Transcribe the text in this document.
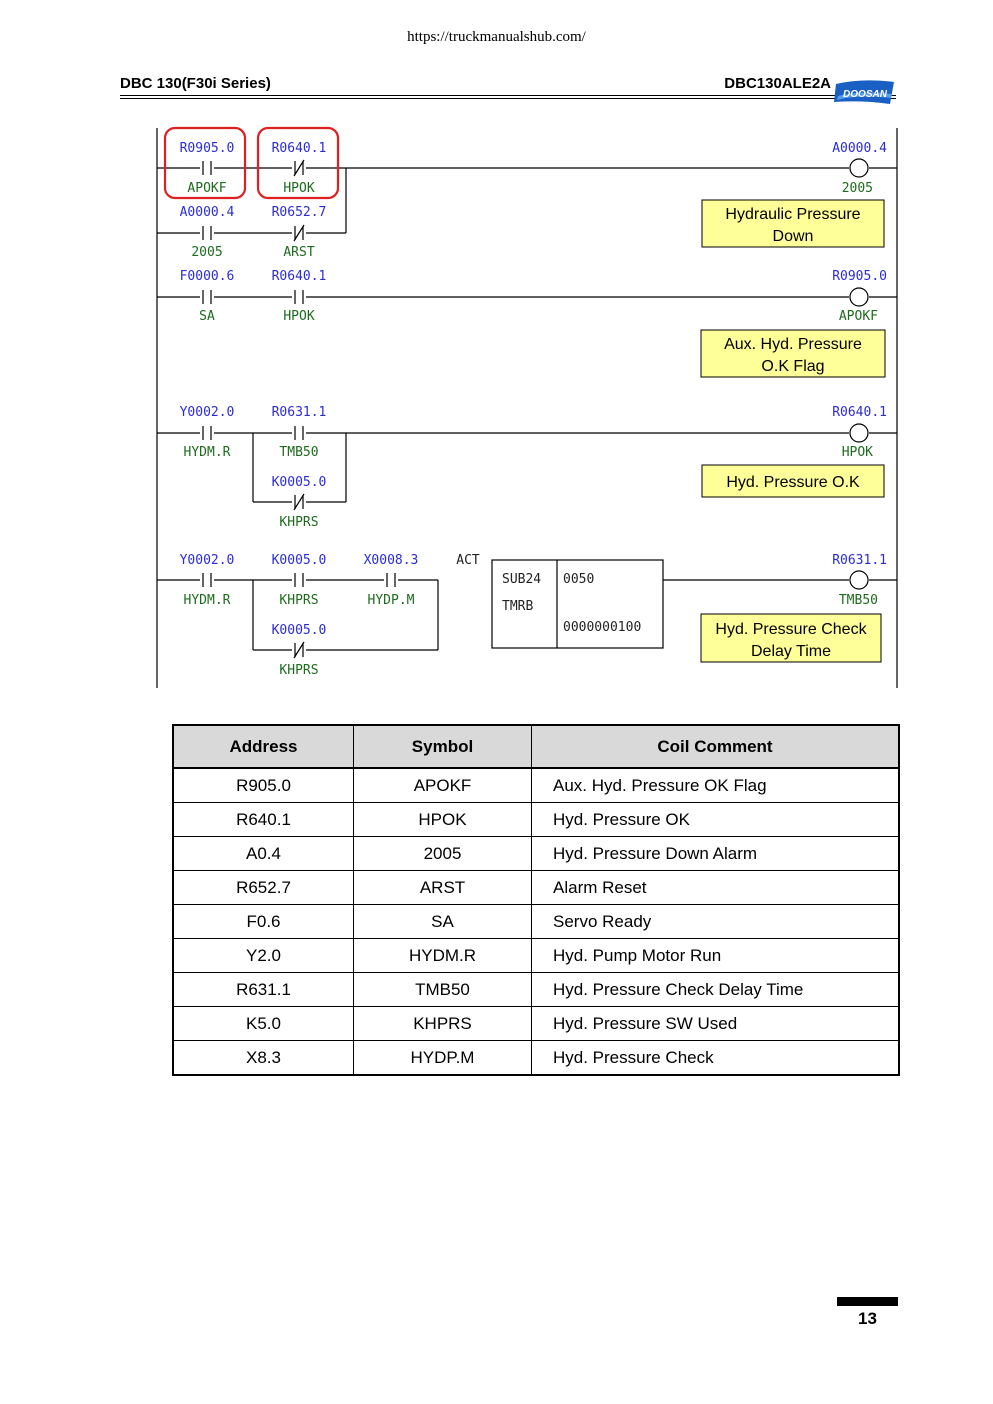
https://truckmanualshub.com/
DBC 130(F30i Series)	DBC130ALE2A
DOOSAN
R0905.0
APOKF
R0640.1
HPOK
A0000.4
2005
A0000.4
2005
R0652.7
ARST
Hydraulic Pressure
Down
F0000.6
SA
R0640.1
HPOK
R0905.0
APOKF
Aux. Hyd. Pressure
O.K Flag
Y0002.0
HYDM.R
R0631.1
TMB50
K0005.0
KHPRS
R0640.1
HPOK
Hyd. Pressure O.K
Y0002.0
HYDM.R
K0005.0
KHPRS
X0008.3
HYDP.M
ACT
K0005.0
KHPRS
SUB24
TMRB
0050
0000000100
R0631.1
TMB50
Hyd. Pressure Check
Delay Time
Address	Symbol	Coil Comment
R905.0	APOKF	Aux. Hyd. Pressure OK Flag
R640.1	HPOK	Hyd. Pressure OK
A0.4	2005	Hyd. Pressure Down Alarm
R652.7	ARST	Alarm Reset
F0.6	SA	Servo Ready
Y2.0	HYDM.R	Hyd. Pump Motor Run
R631.1	TMB50	Hyd. Pressure Check Delay Time
K5.0	KHPRS	Hyd. Pressure SW Used
X8.3	HYDP.M	Hyd. Pressure Check
13
